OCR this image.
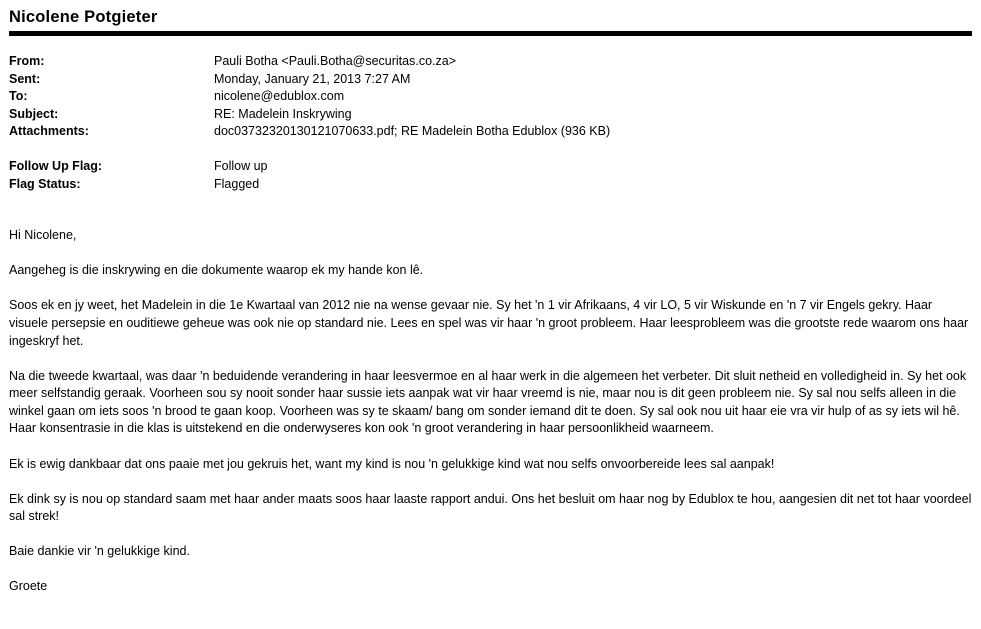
Nicolene Potgieter
From:	Pauli Botha <Pauli.Botha@securitas.co.za>
Sent:	Monday, January 21, 2013 7:27 AM
To:	nicolene@edublox.com
Subject:	RE: Madelein Inskrywing
Attachments:	doc03732320130121070633.pdf; RE Madelein Botha Edublox (936 KB)
Follow Up Flag:	Follow up
Flag Status:	Flagged

Hi Nicolene,

Aangeheg is die inskrywing en die dokumente waarop ek my hande kon lê.

Soos ek en jy weet, het Madelein in die 1e Kwartaal van 2012 nie na wense gevaar nie. Sy het 'n 1 vir Afrikaans, 4 vir LO, 5 vir Wiskunde en 'n 7 vir Engels gekry. Haar visuele persepsie en ouditiewe geheue was ook nie op standard nie. Lees en spel was vir haar 'n groot probleem. Haar leesprobleem was die grootste rede waarom ons haar ingeskryf het.

Na die tweede kwartaal, was daar 'n beduidende verandering in haar leesvermoe en al haar werk in die algemeen het verbeter. Dit sluit netheid en volledigheid in. Sy het ook meer selfstandig geraak. Voorheen sou sy nooit sonder haar sussie iets aanpak wat vir haar vreemd is nie, maar nou is dit geen probleem nie. Sy sal nou selfs alleen in die winkel gaan om iets soos 'n brood te gaan koop. Voorheen was sy te skaam/ bang om sonder iemand dit te doen. Sy sal ook nou uit haar eie vra vir hulp of as sy iets wil hê. Haar konsentrasie in die klas is uitstekend en die onderwyseres kon ook 'n groot verandering in haar persoonlikheid waarneem.

Ek is ewig dankbaar dat ons paaie met jou gekruis het, want my kind is nou 'n gelukkige kind wat nou selfs onvoorbereide lees sal aanpak!

Ek dink sy is nou op standard saam met haar ander maats soos haar laaste rapport andui. Ons het besluit om haar nog by Edublox te hou, aangesien dit net tot haar voordeel sal strek!

Baie dankie vir 'n gelukkige kind.

Groete
